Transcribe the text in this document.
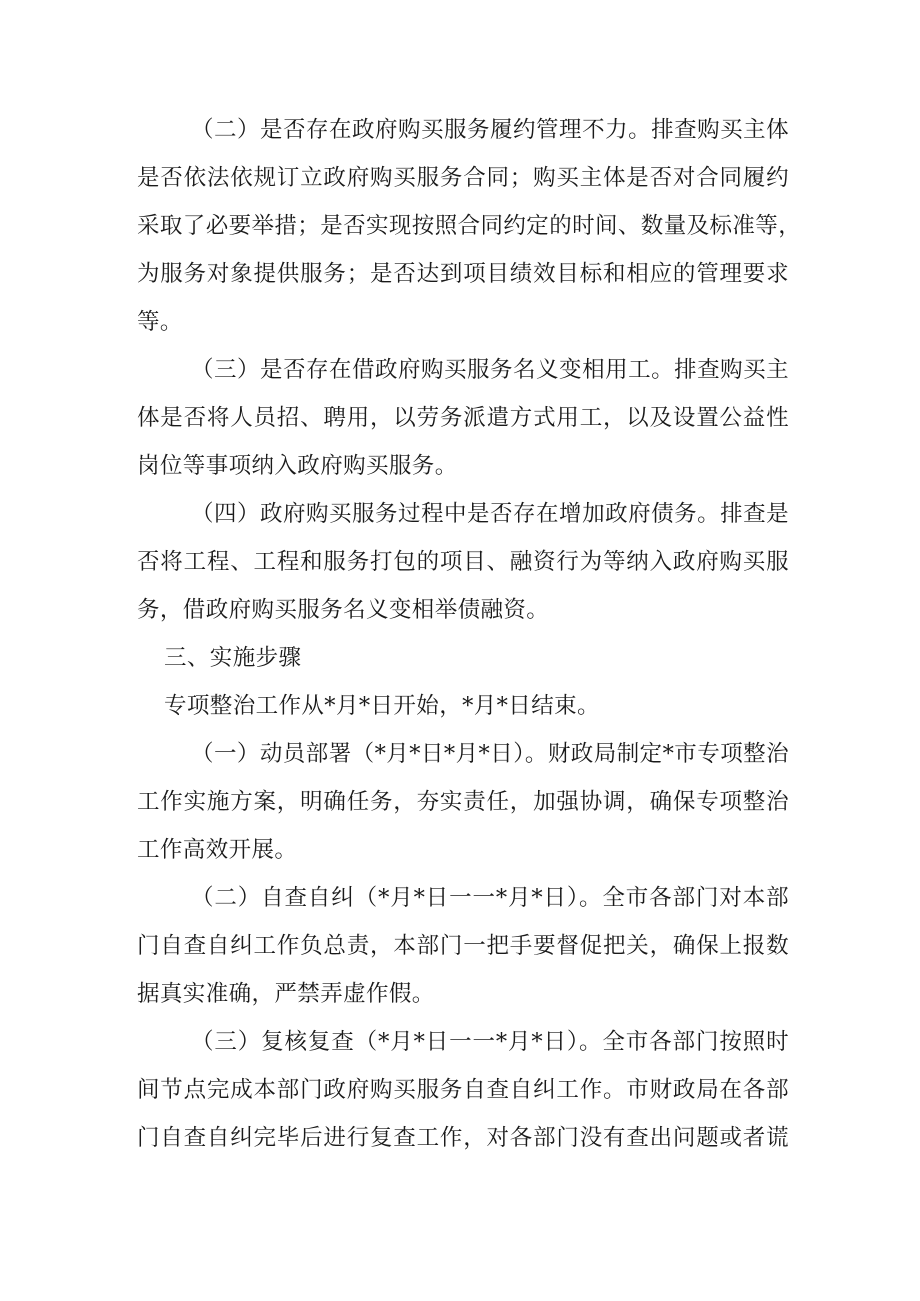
（二）是否存在政府购买服务履约管理不力。排查购买主体
是否依法依规订立政府购买服务合同；购买主体是否对合同履约
采取了必要举措；是否实现按照合同约定的时间、数量及标准等，
为服务对象提供服务；是否达到项目绩效目标和相应的管理要求
等。
（三）是否存在借政府购买服务名义变相用工。排查购买主
体是否将人员招、聘用，以劳务派遣方式用工，以及设置公益性
岗位等事项纳入政府购买服务。
（四）政府购买服务过程中是否存在增加政府债务。排查是
否将工程、工程和服务打包的项目、融资行为等纳入政府购买服
务，借政府购买服务名义变相举债融资。
三、实施步骤
专项整治工作从*月*日开始，*月*日结束。
（一）动员部署（*月*日*月*日）。财政局制定*市专项整治
工作实施方案，明确任务，夯实责任，加强协调，确保专项整治
工作高效开展。
（二）自查自纠（*月*日一一*月*日）。全市各部门对本部
门自查自纠工作负总责，本部门一把手要督促把关，确保上报数
据真实准确，严禁弄虚作假。
（三）复核复查（*月*日一一*月*日）。全市各部门按照时
间节点完成本部门政府购买服务自查自纠工作。市财政局在各部
门自查自纠完毕后进行复查工作，对各部门没有查出问题或者谎
